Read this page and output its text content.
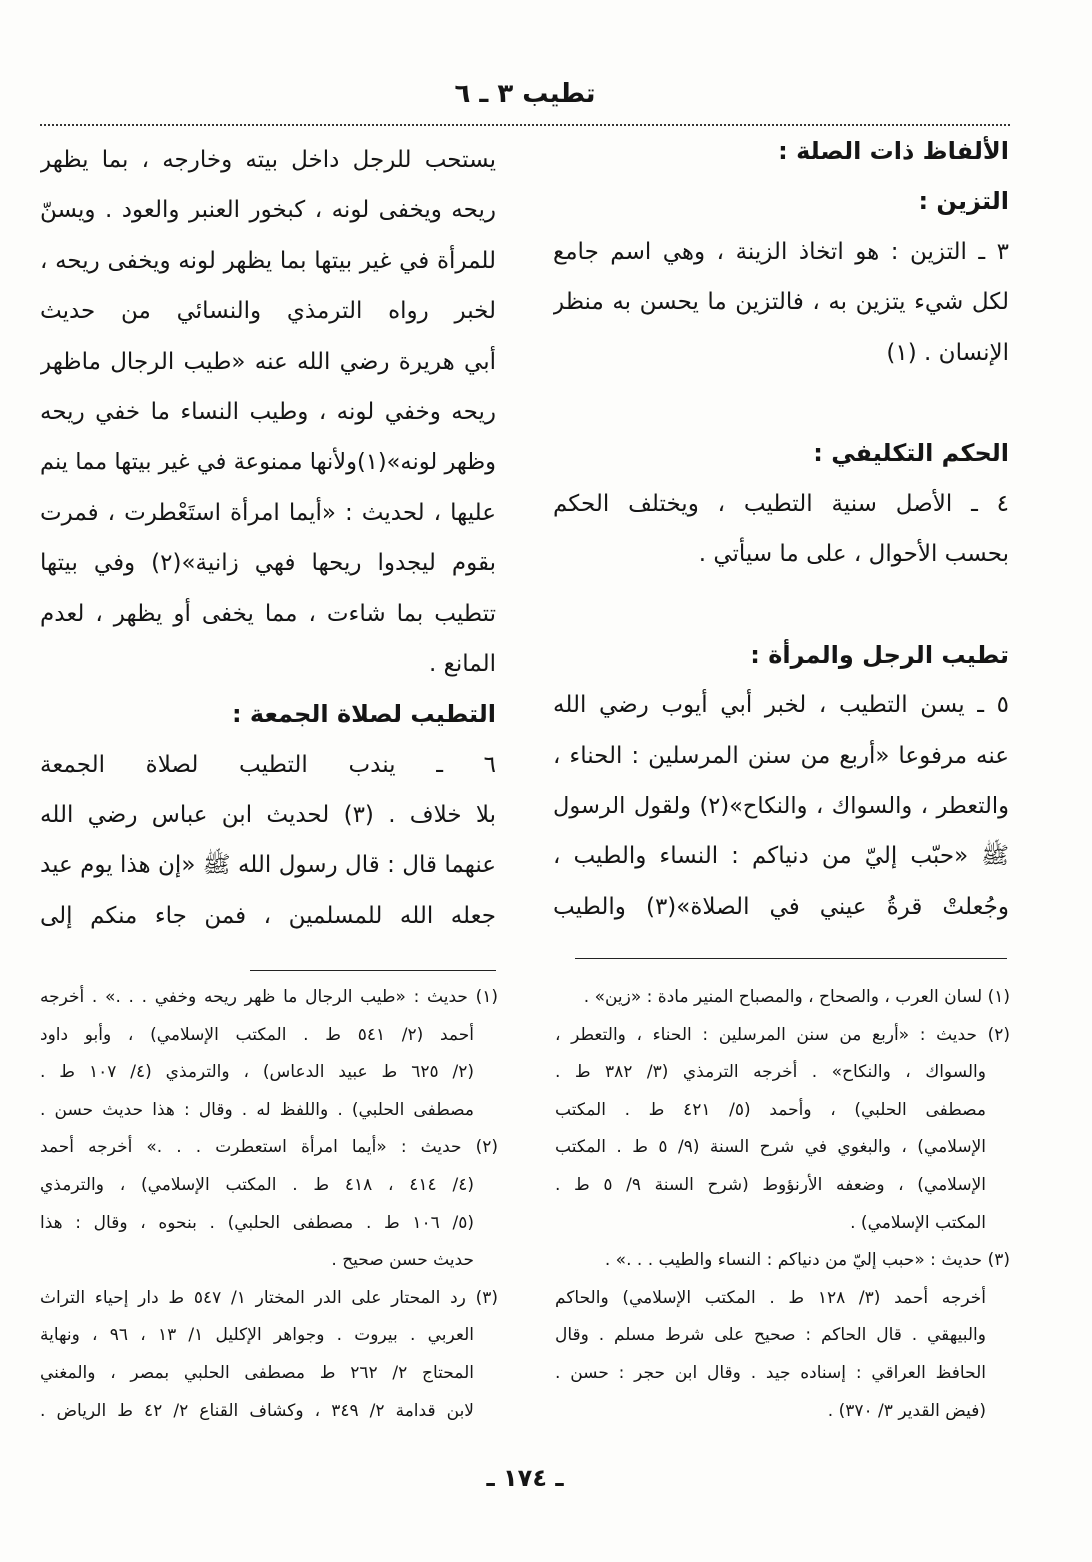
تطيب ٣ ـ ٦
الألفاظ ذات الصلة :
التزين :
٣ ـ التزين : هو اتخاذ الزينة ، وهي اسم جامع
لكل شيء يتزين به ، فالتزين ما يحسن به منظر
الإنسان . (١)
الحكم التكليفي :
٤ ـ الأصل سنية التطيب ، ويختلف الحكم
بحسب الأحوال ، على ما سيأتي .
تطيب الرجل والمرأة :
٥ ـ يسن التطيب ، لخبر أبي أيوب رضي الله
عنه مرفوعا «أربع من سنن المرسلين : الحناء ،
والتعطر ، والسواك ، والنكاح»(٢) ولقول الرسول
ﷺ «حبّب إليّ من دنياكم : النساء والطيب ،
وجُعلتْ قرةُ عيني في الصلاة»(٣) والطيب
يستحب للرجل داخل بيته وخارجه ، بما يظهر
ريحه ويخفى لونه ، كبخور العنبر والعود . ويسنّ
للمرأة في غير بيتها بما يظهر لونه ويخفى ريحه ،
لخبر رواه الترمذي والنسائي من حديث
أبي هريرة رضي الله عنه «طيب الرجال ماظهر
ريحه وخفي لونه ، وطيب النساء ما خفي ريحه
وظهر لونه»(١)ولأنها ممنوعة في غير بيتها مما ينم
عليها ، لحديث : «أيما امرأة استَعْطرت ، فمرت
بقوم ليجدوا ريحها فهي زانية»(٢) وفي بيتها
تتطيب بما شاءت ، مما يخفى أو يظهر ، لعدم
المانع .
التطيب لصلاة الجمعة :
٦ ـ يندب التطيب لصلاة الجمعة
بلا خلاف . (٣) لحديث ابن عباس رضي الله
عنهما قال : قال رسول الله ﷺ «إن هذا يوم عيد
جعله الله للمسلمين ، فمن جاء منكم إلى
(١) لسان العرب ، والصحاح ، والمصباح المنير مادة : «زين» .
(٢) حديث : «أربع من سنن المرسلين : الحناء ، والتعطر ،
والسواك ، والنكاح» . أخرجه الترمذي (٣/ ٣٨٢ ط .
مصطفى الحلبي) ، وأحمد (٥/ ٤٢١ ط . المكتب
الإسلامي) ، والبغوي في شرح السنة (٩/ ٥ ط . المكتب
الإسلامي) ، وضعفه الأرنؤوط (شرح السنة ٩/ ٥ ط .
المكتب الإسلامي) .
(٣) حديث : «حبب إليّ من دنياكم : النساء والطيب . . .» .
أخرجه أحمد (٣/ ١٢٨ ط . المكتب الإسلامي) والحاكم
والبيهقي . قال الحاكم : صحيح على شرط مسلم . وقال
الحافظ العراقي : إسناده جيد . وقال ابن حجر : حسن .
(فيض القدير ٣/ ٣٧٠) .
(١) حديث : «طيب الرجال ما ظهر ريحه وخفي . . .» . أخرجه
أحمد (٢/ ٥٤١ ط . المكتب الإسلامي) ، وأبو داود
(٢/ ٦٢٥ ط عبيد الدعاس) ، والترمذي (٤/ ١٠٧ ط .
مصطفى الحلبي) . واللفظ له . وقال : هذا حديث حسن .
(٢) حديث : «أيما امرأة استعطرت . . .» أخرجه أحمد
(٤/ ٤١٤ ، ٤١٨ ط . المكتب الإسلامي) ، والترمذي
(٥/ ١٠٦ ط . مصطفى الحلبي) . بنحوه ، وقال : هذا
حديث حسن صحيح .
(٣) رد المحتار على الدر المختار ١/ ٥٤٧ ط دار إحياء التراث
العربي . بيروت . وجواهر الإكليل ١/ ١٣ ، ٩٦ ، ونهاية
المحتاج ٢/ ٢٦٢ ط مصطفى الحلبي بمصر ، والمغني
لابن قدامة ٢/ ٣٤٩ ، وكشاف القناع ٢/ ٤٢ ط الرياض .
ـ ١٧٤ ـ
